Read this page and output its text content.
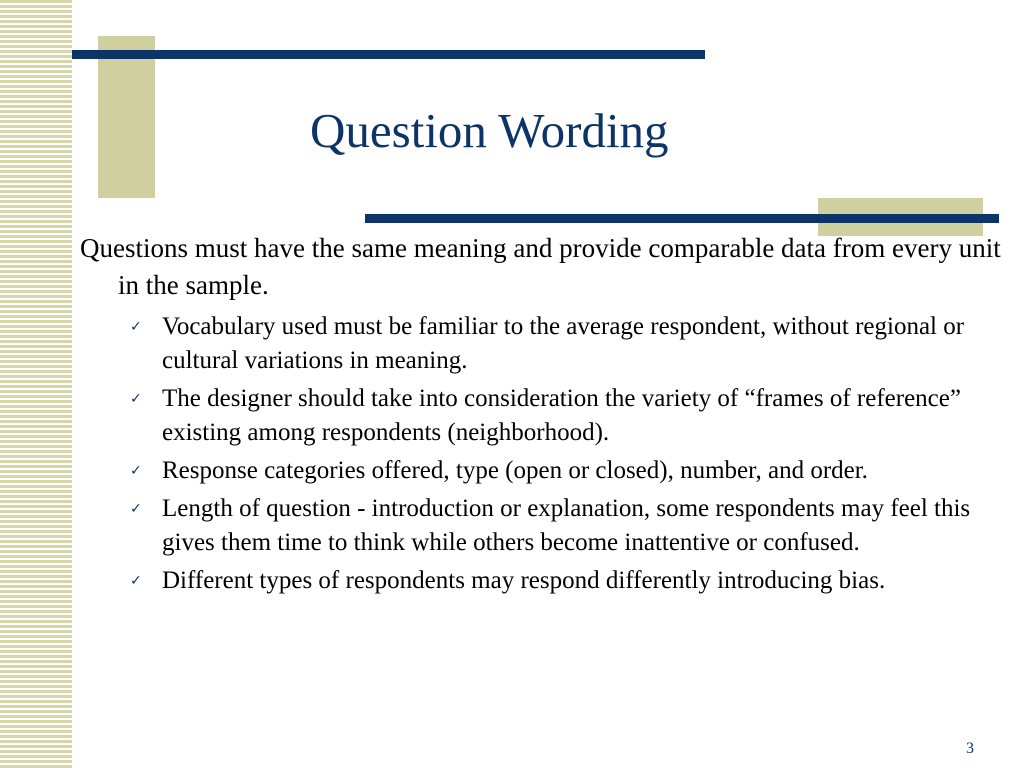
Question Wording

Questions must have the same meaning and provide comparable data from every unit in the sample.

✓ Vocabulary used must be familiar to the average respondent, without regional or cultural variations in meaning.
✓ The designer should take into consideration the variety of “frames of reference” existing among respondents (neighborhood).
✓ Response categories offered, type (open or closed), number, and order.
✓ Length of question - introduction or explanation, some respondents may feel this gives them time to think while others become inattentive or confused.
✓ Different types of respondents may respond differently introducing bias.
3
